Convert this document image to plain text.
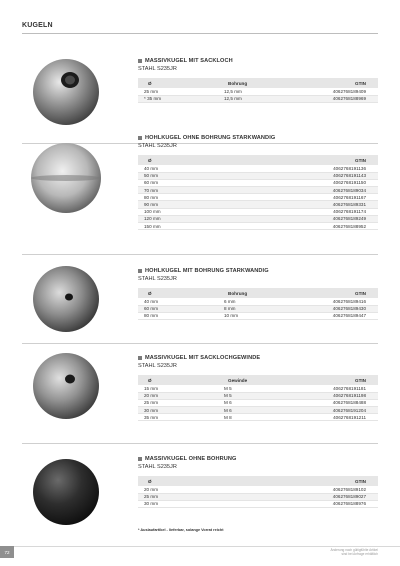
KUGELN
MASSIVKUGEL MIT SACKLOCH
STAHL S235JR
Ø	Bohrung	GTIN
25 mm	12,5 mm	4062768189409
* 35 mm	12,5 mm	4062768188969
HOHLKUGEL OHNE BOHRUNG STARKWANDIG
STAHL S235JR
Ø	GTIN
40 mm	4062768191136
50 mm	4062768191143
60 mm	4062768191150
70 mm	4062768189034
80 mm	4062768191167
90 mm	4062768189331
100 mm	4062768191174
120 mm	4062768189249
150 mm	4062768188952
HOHLKUGEL MIT BOHRUNG STARKWANDIG
STAHL S235JR
Ø	Bohrung	GTIN
40 mm	6 mm	4062768189416
60 mm	8 mm	4062768189430
80 mm	10 mm	4062768189447
MASSIVKUGEL MIT SACKLOCHGEWINDE
STAHL S235JR
Ø	Gewinde	GTIN
15 mm	M 5	4062768191181
20 mm	M 5	4062768191198
25 mm	M 6	4062768188488
30 mm	M 6	4062768191204
35 mm	M 8	4062768191211
MASSIVKUGEL OHNE BOHRUNG
STAHL S235JR
Ø	GTIN
20 mm	4062768189102
25 mm	4062768189027
30 mm	4062768188976
* Auslaufartikel - lieferbar, solange Vorrat reicht
72	Änderung nach gültigfühlte Artikel
sind bei Anfrage erhältlich
